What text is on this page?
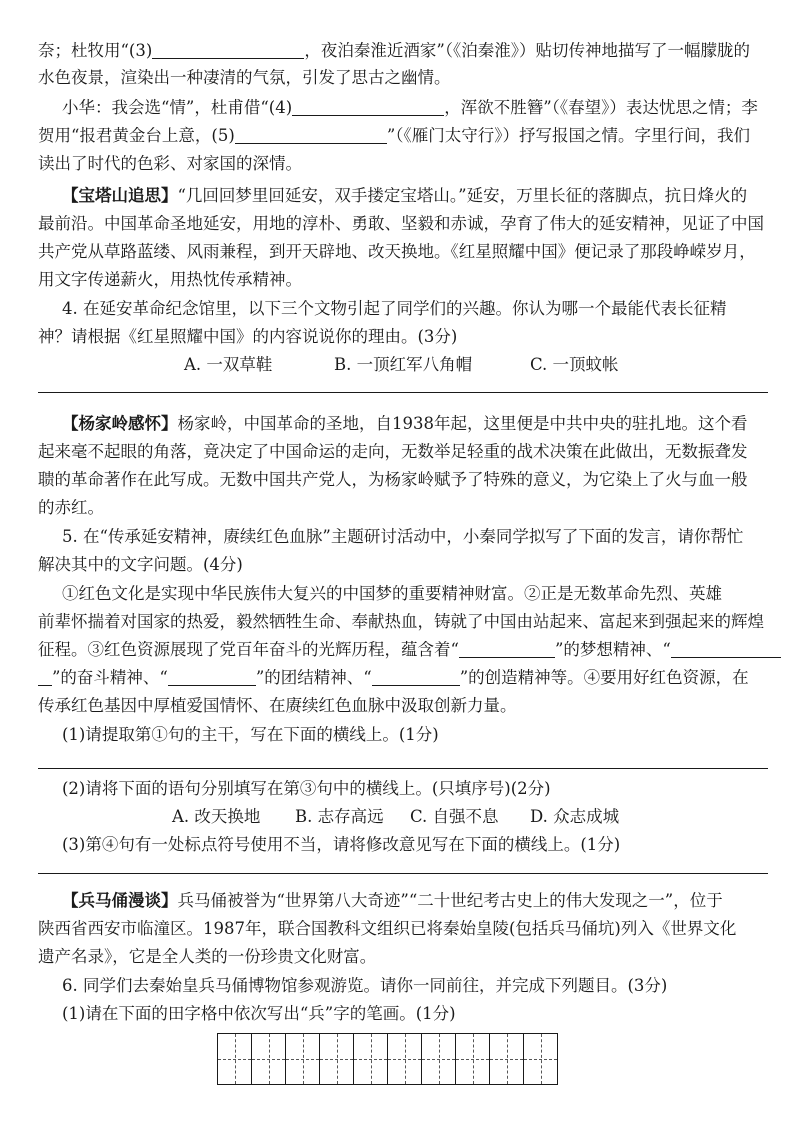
奈；杜牧用“(3)	，夜泊秦淮近酒家”（《泊秦淮》）贴切传神地描写了一幅朦胧的
水色夜景，渲染出一种凄清的气氛，引发了思古之幽情。
小华：我会选“情”，杜甫借“(4)	，浑欲不胜簪”（《春望》）表达忧思之情；李
贺用“报君黄金台上意，(5)	”（《雁门太守行》）抒写报国之情。字里行间，我们
读出了时代的色彩、对家国的深情。
【宝塔山追思】“几回回梦里回延安，双手搂定宝塔山。”延安，万里长征的落脚点，抗日烽火的
最前沿。中国革命圣地延安，用地的淳朴、勇敢、坚毅和赤诚，孕育了伟大的延安精神，见证了中国
共产党从草路蓝缕、风雨兼程，到开天辟地、改天换地。《红星照耀中国》便记录了那段峥嵘岁月，
用文字传递薪火，用热忱传承精神。
4. 在延安革命纪念馆里，以下三个文物引起了同学们的兴趣。你认为哪一个最能代表长征精
神？请根据《红星照耀中国》的内容说说你的理由。(3分)
A. 一双草鞋	B. 一顶红军八角帽	C. 一顶蚊帐
【杨家岭感怀】杨家岭，中国革命的圣地，自1938年起，这里便是中共中央的驻扎地。这个看
起来毫不起眼的角落，竟决定了中国命运的走向，无数举足轻重的战术决策在此做出，无数振聋发
聩的革命著作在此写成。无数中国共产党人，为杨家岭赋予了特殊的意义，为它染上了火与血一般
的赤红。
5. 在“传承延安精神，赓续红色血脉”主题研讨活动中，小秦同学拟写了下面的发言，请你帮忙
解决其中的文字问题。(4分)
①红色文化是实现中华民族伟大复兴的中国梦的重要精神财富。②正是无数革命先烈、英雄
前辈怀揣着对国家的热爱，毅然牺牲生命、奉献热血，铸就了中国由站起来、富起来到强起来的辉煌
征程。③红色资源展现了党百年奋斗的光辉历程，蕴含着“	”的梦想精神、“
”的奋斗精神、“	”的团结精神、“	”的创造精神等。④要用好红色资源，在
传承红色基因中厚植爱国情怀、在赓续红色血脉中汲取创新力量。
(1)请提取第①句的主干，写在下面的横线上。(1分)
(2)请将下面的语句分别填写在第③句中的横线上。(只填序号)(2分)
A. 改天换地 B. 志存高远 C. 自强不息 D. 众志成城
(3)第④句有一处标点符号使用不当，请将修改意见写在下面的横线上。(1分)
【兵马俑漫谈】兵马俑被誉为“世界第八大奇迹”“二十世纪考古史上的伟大发现之一”，位于
陕西省西安市临潼区。1987年，联合国教科文组织已将秦始皇陵(包括兵马俑坑)列入《世界文化
遗产名录》，它是全人类的一份珍贵文化财富。
6. 同学们去秦始皇兵马俑博物馆参观游览。请你一同前往，并完成下列题目。(3分)
(1)请在下面的田字格中依次写出“兵”字的笔画。(1分)
